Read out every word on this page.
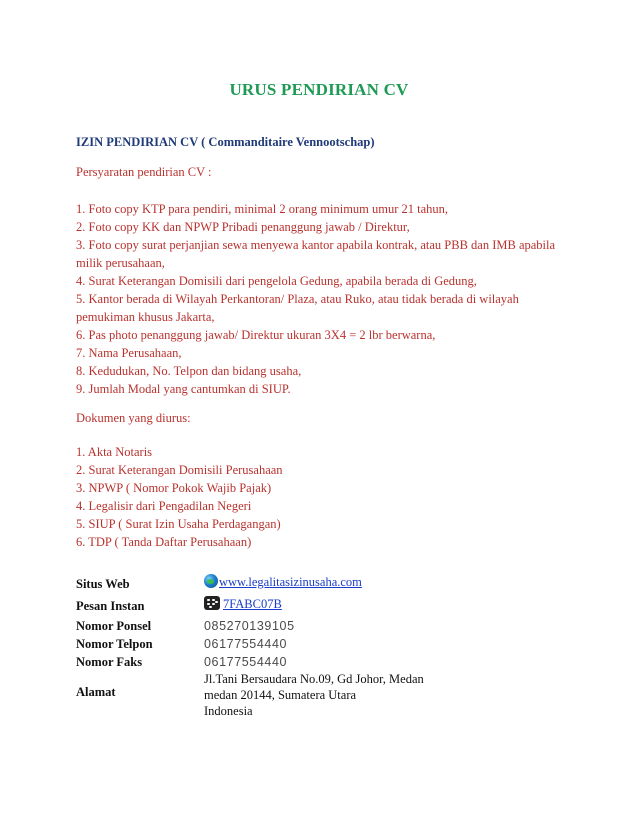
URUS PENDIRIAN CV
IZIN PENDIRIAN CV ( Commanditaire Vennootschap)
Persyaratan pendirian CV :
1. Foto copy KTP para pendiri, minimal 2 orang minimum umur 21 tahun,
2. Foto copy KK dan NPWP Pribadi penanggung jawab / Direktur,
3. Foto copy surat perjanjian sewa menyewa kantor apabila kontrak, atau PBB dan IMB apabila
milik perusahaan,
4. Surat Keterangan Domisili dari pengelola Gedung, apabila berada di Gedung,
5. Kantor berada di Wilayah Perkantoran/ Plaza, atau Ruko, atau tidak berada di wilayah
pemukiman khusus Jakarta,
6. Pas photo penanggung jawab/ Direktur ukuran 3X4 = 2 lbr berwarna,
7. Nama Perusahaan,
8. Kedudukan, No. Telpon dan bidang usaha,
9. Jumlah Modal yang cantumkan di SIUP.
Dokumen yang diurus:
1. Akta Notaris
2. Surat Keterangan Domisili Perusahaan
3. NPWP ( Nomor Pokok Wajib Pajak)
4. Legalisir dari Pengadilan Negeri
5. SIUP ( Surat Izin Usaha Perdagangan)
6. TDP ( Tanda Daftar Perusahaan)
Situs Web	www.legalitasizinusaha.com
Pesan Instan	7FABC07B
Nomor Ponsel	085270139105
Nomor Telpon	06177554440
Nomor Faks	06177554440
Alamat
Jl.Tani Bersaudara No.09, Gd Johor, Medan
medan 20144, Sumatera Utara
Indonesia
